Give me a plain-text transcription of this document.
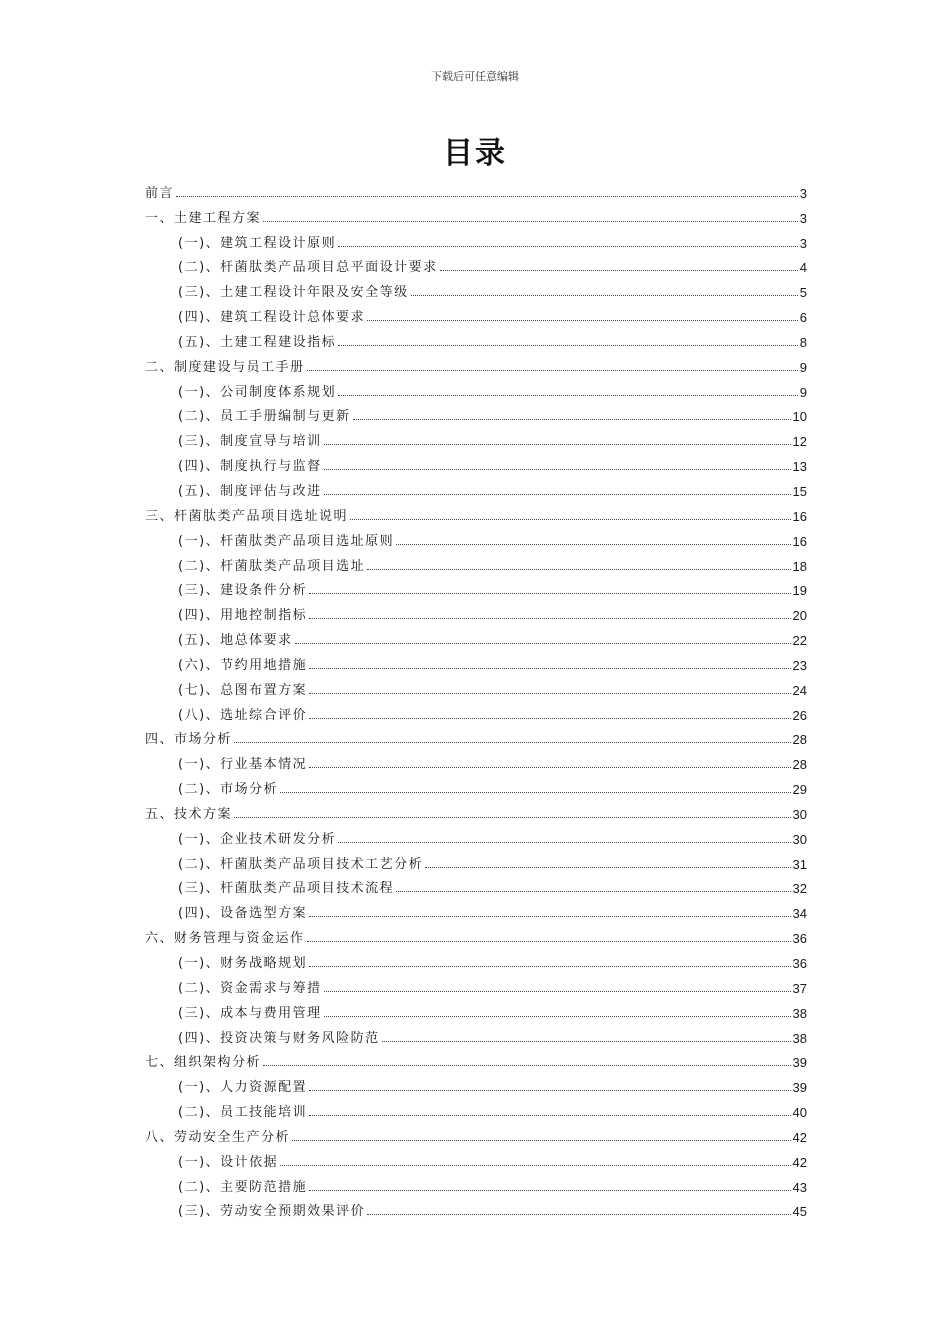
下载后可任意编辑
目录
前言	3
一、土建工程方案	3
(一)、建筑工程设计原则	3
(二)、杆菌肽类产品项目总平面设计要求	4
(三)、土建工程设计年限及安全等级	5
(四)、建筑工程设计总体要求	6
(五)、土建工程建设指标	8
二、制度建设与员工手册	9
(一)、公司制度体系规划	9
(二)、员工手册编制与更新	10
(三)、制度宣导与培训	12
(四)、制度执行与监督	13
(五)、制度评估与改进	15
三、杆菌肽类产品项目选址说明	16
(一)、杆菌肽类产品项目选址原则	16
(二)、杆菌肽类产品项目选址	18
(三)、建设条件分析	19
(四)、用地控制指标	20
(五)、地总体要求	22
(六)、节约用地措施	23
(七)、总图布置方案	24
(八)、选址综合评价	26
四、市场分析	28
(一)、行业基本情况	28
(二)、市场分析	29
五、技术方案	30
(一)、企业技术研发分析	30
(二)、杆菌肽类产品项目技术工艺分析	31
(三)、杆菌肽类产品项目技术流程	32
(四)、设备选型方案	34
六、财务管理与资金运作	36
(一)、财务战略规划	36
(二)、资金需求与筹措	37
(三)、成本与费用管理	38
(四)、投资决策与财务风险防范	38
七、组织架构分析	39
(一)、人力资源配置	39
(二)、员工技能培训	40
八、劳动安全生产分析	42
(一)、设计依据	42
(二)、主要防范措施	43
(三)、劳动安全预期效果评价	45
